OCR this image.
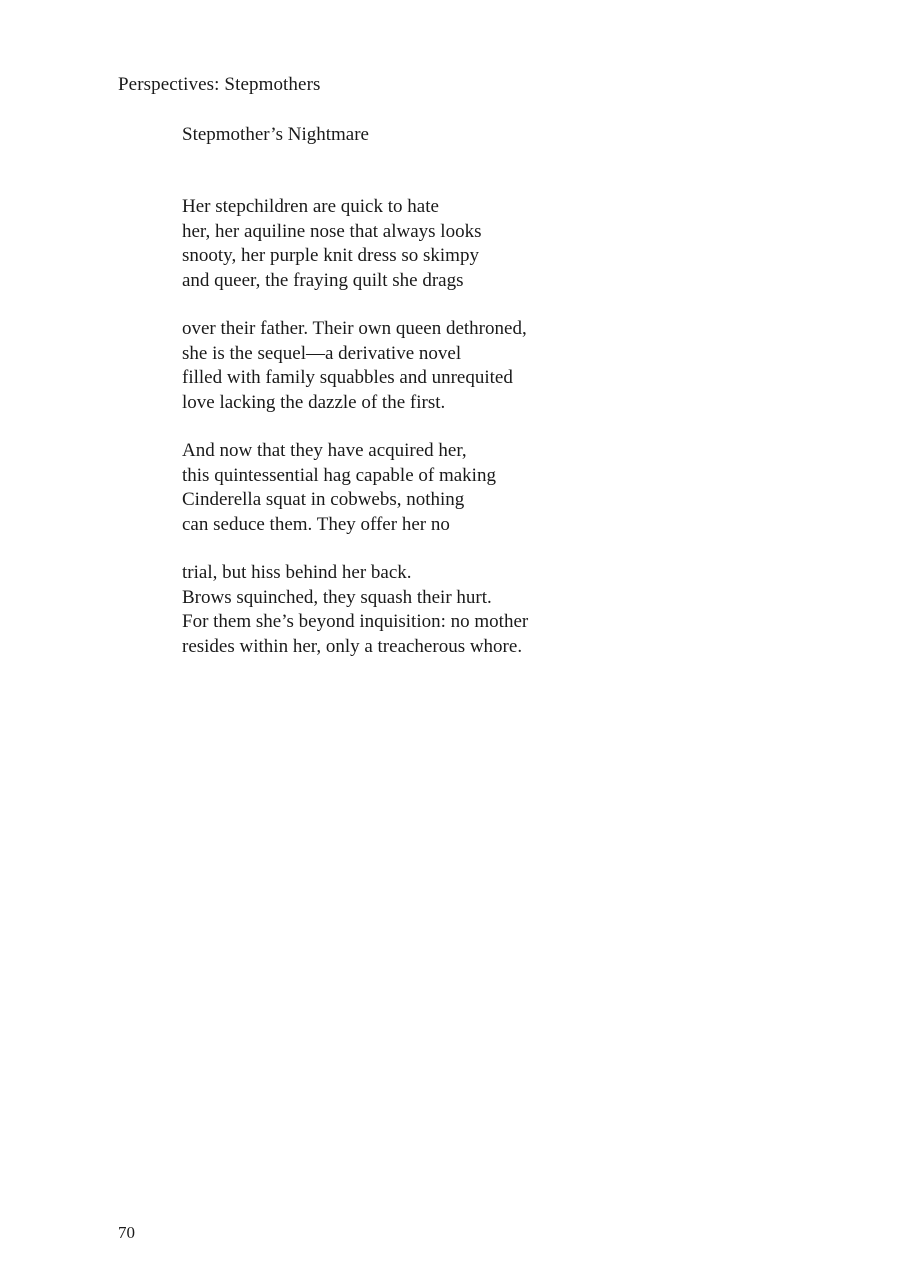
Perspectives: Stepmothers
Stepmother’s Nightmare
Her stepchildren are quick to hate
her, her aquiline nose that always looks
snooty, her purple knit dress so skimpy
and queer, the fraying quilt she drags
over their father. Their own queen dethroned,
she is the sequel—a derivative novel
filled with family squabbles and unrequited
love lacking the dazzle of the first.
And now that they have acquired her,
this quintessential hag capable of making
Cinderella squat in cobwebs, nothing
can seduce them. They offer her no
trial, but hiss behind her back.
Brows squinched, they squash their hurt.
For them she’s beyond inquisition: no mother
resides within her, only a treacherous whore.
70
